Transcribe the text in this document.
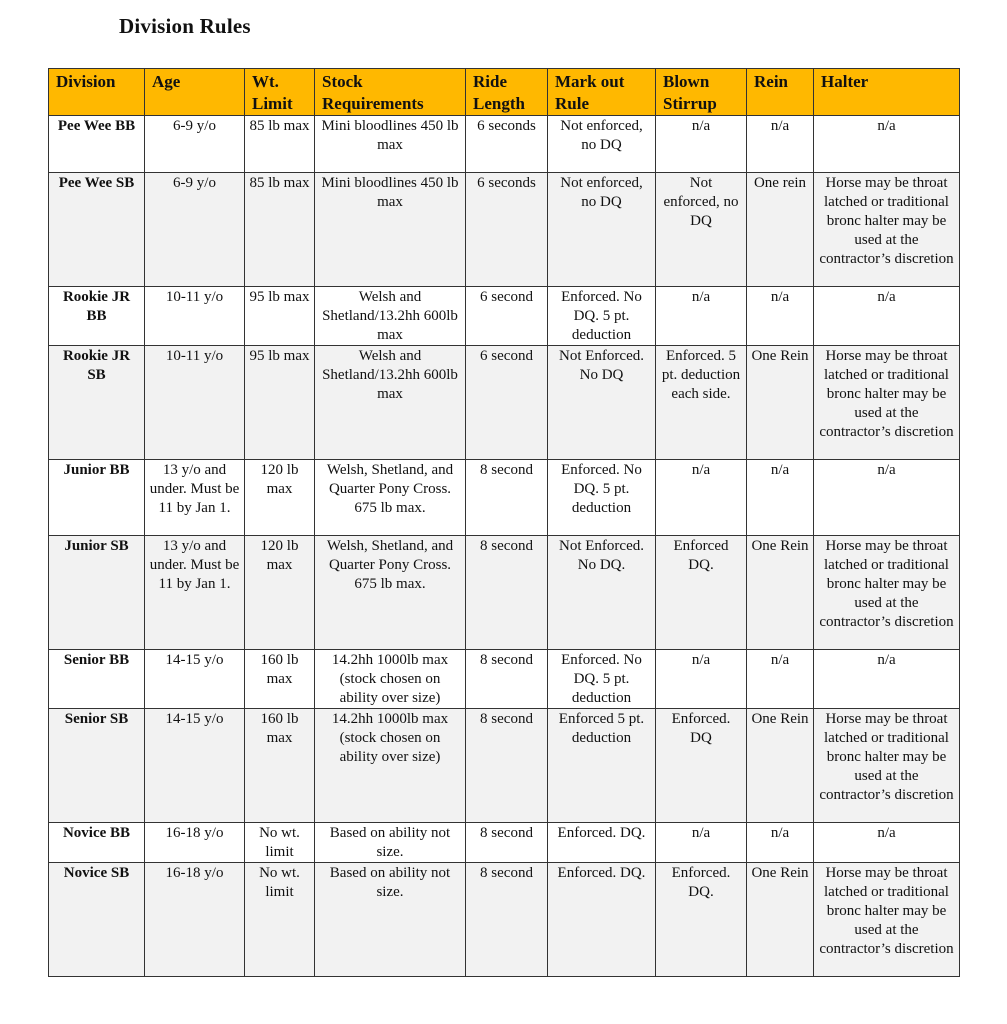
Division Rules
Division	Age	Wt. Limit	Stock Requirements	Ride Length	Mark out Rule	Blown Stirrup	Rein	Halter
Pee Wee BB	6-9 y/o	85 lb max	Mini bloodlines 450 lb max	6 seconds	Not enforced, no DQ	n/a	n/a	n/a
Pee Wee SB	6-9 y/o	85 lb max	Mini bloodlines 450 lb max	6 seconds	Not enforced, no DQ	Not enforced, no DQ	One rein	Horse may be throat latched or traditional bronc halter may be used at the contractor’s discretion
Rookie JR BB	10-11 y/o	95 lb max	Welsh and Shetland/13.2hh 600lb max	6 second	Enforced. No DQ. 5 pt. deduction	n/a	n/a	n/a
Rookie JR SB	10-11 y/o	95 lb max	Welsh and Shetland/13.2hh 600lb max	6 second	Not Enforced. No DQ	Enforced. 5 pt. deduction each side.	One Rein	Horse may be throat latched or traditional bronc halter may be used at the contractor’s discretion
Junior BB	13 y/o and under. Must be 11 by Jan 1.	120 lb max	Welsh, Shetland, and Quarter Pony Cross. 675 lb max.	8 second	Enforced. No DQ. 5 pt. deduction	n/a	n/a	n/a
Junior SB	13 y/o and under. Must be 11 by Jan 1.	120 lb max	Welsh, Shetland, and Quarter Pony Cross. 675 lb max.	8 second	Not Enforced. No DQ.	Enforced DQ.	One Rein	Horse may be throat latched or traditional bronc halter may be used at the contractor’s discretion
Senior BB	14-15 y/o	160 lb max	14.2hh 1000lb max (stock chosen on ability over size)	8 second	Enforced. No DQ. 5 pt. deduction	n/a	n/a	n/a
Senior SB	14-15 y/o	160 lb max	14.2hh 1000lb max (stock chosen on ability over size)	8 second	Enforced 5 pt. deduction	Enforced. DQ	One Rein	Horse may be throat latched or traditional bronc halter may be used at the contractor’s discretion
Novice BB	16-18 y/o	No wt. limit	Based on ability not size.	8 second	Enforced. DQ.	n/a	n/a	n/a
Novice SB	16-18 y/o	No wt. limit	Based on ability not size.	8 second	Enforced. DQ.	Enforced. DQ.	One Rein	Horse may be throat latched or traditional bronc halter may be used at the contractor’s discretion
